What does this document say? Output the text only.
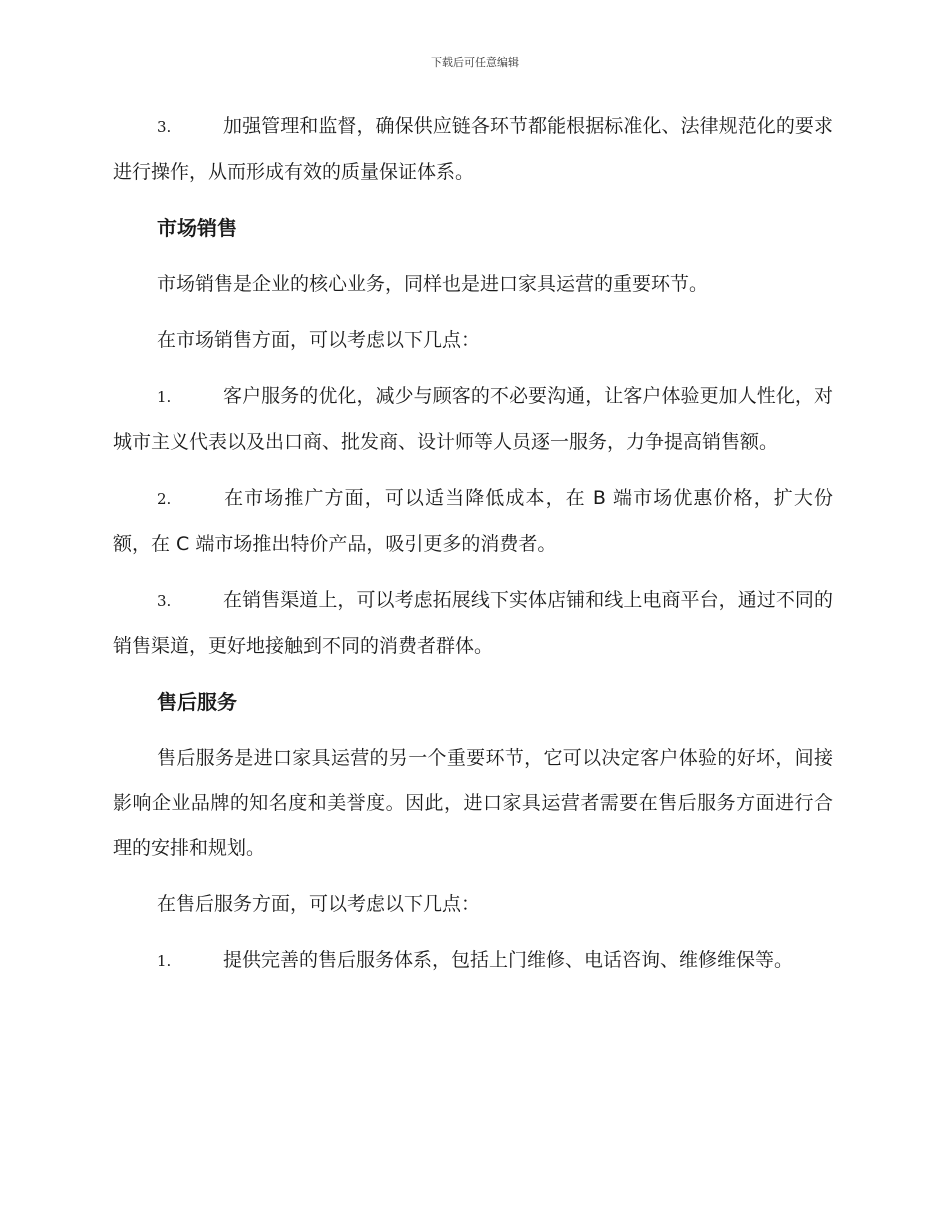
下载后可任意编辑

3.	加强管理和监督，确保供应链各环节都能根据标准化、法律规范化的要求进行操作，从而形成有效的质量保证体系。

市场销售

市场销售是企业的核心业务，同样也是进口家具运营的重要环节。

在市场销售方面，可以考虑以下几点：

1.	客户服务的优化，减少与顾客的不必要沟通，让客户体验更加人性化，对城市主义代表以及出口商、批发商、设计师等人员逐一服务，力争提高销售额。

2.	在市场推广方面，可以适当降低成本，在 B 端市场优惠价格，扩大份额，在 C 端市场推出特价产品，吸引更多的消费者。

3.	在销售渠道上，可以考虑拓展线下实体店铺和线上电商平台，通过不同的销售渠道，更好地接触到不同的消费者群体。

售后服务

售后服务是进口家具运营的另一个重要环节，它可以决定客户体验的好坏，间接影响企业品牌的知名度和美誉度。因此，进口家具运营者需要在售后服务方面进行合理的安排和规划。

在售后服务方面，可以考虑以下几点：

1.	提供完善的售后服务体系，包括上门维修、电话咨询、维修维保等。
